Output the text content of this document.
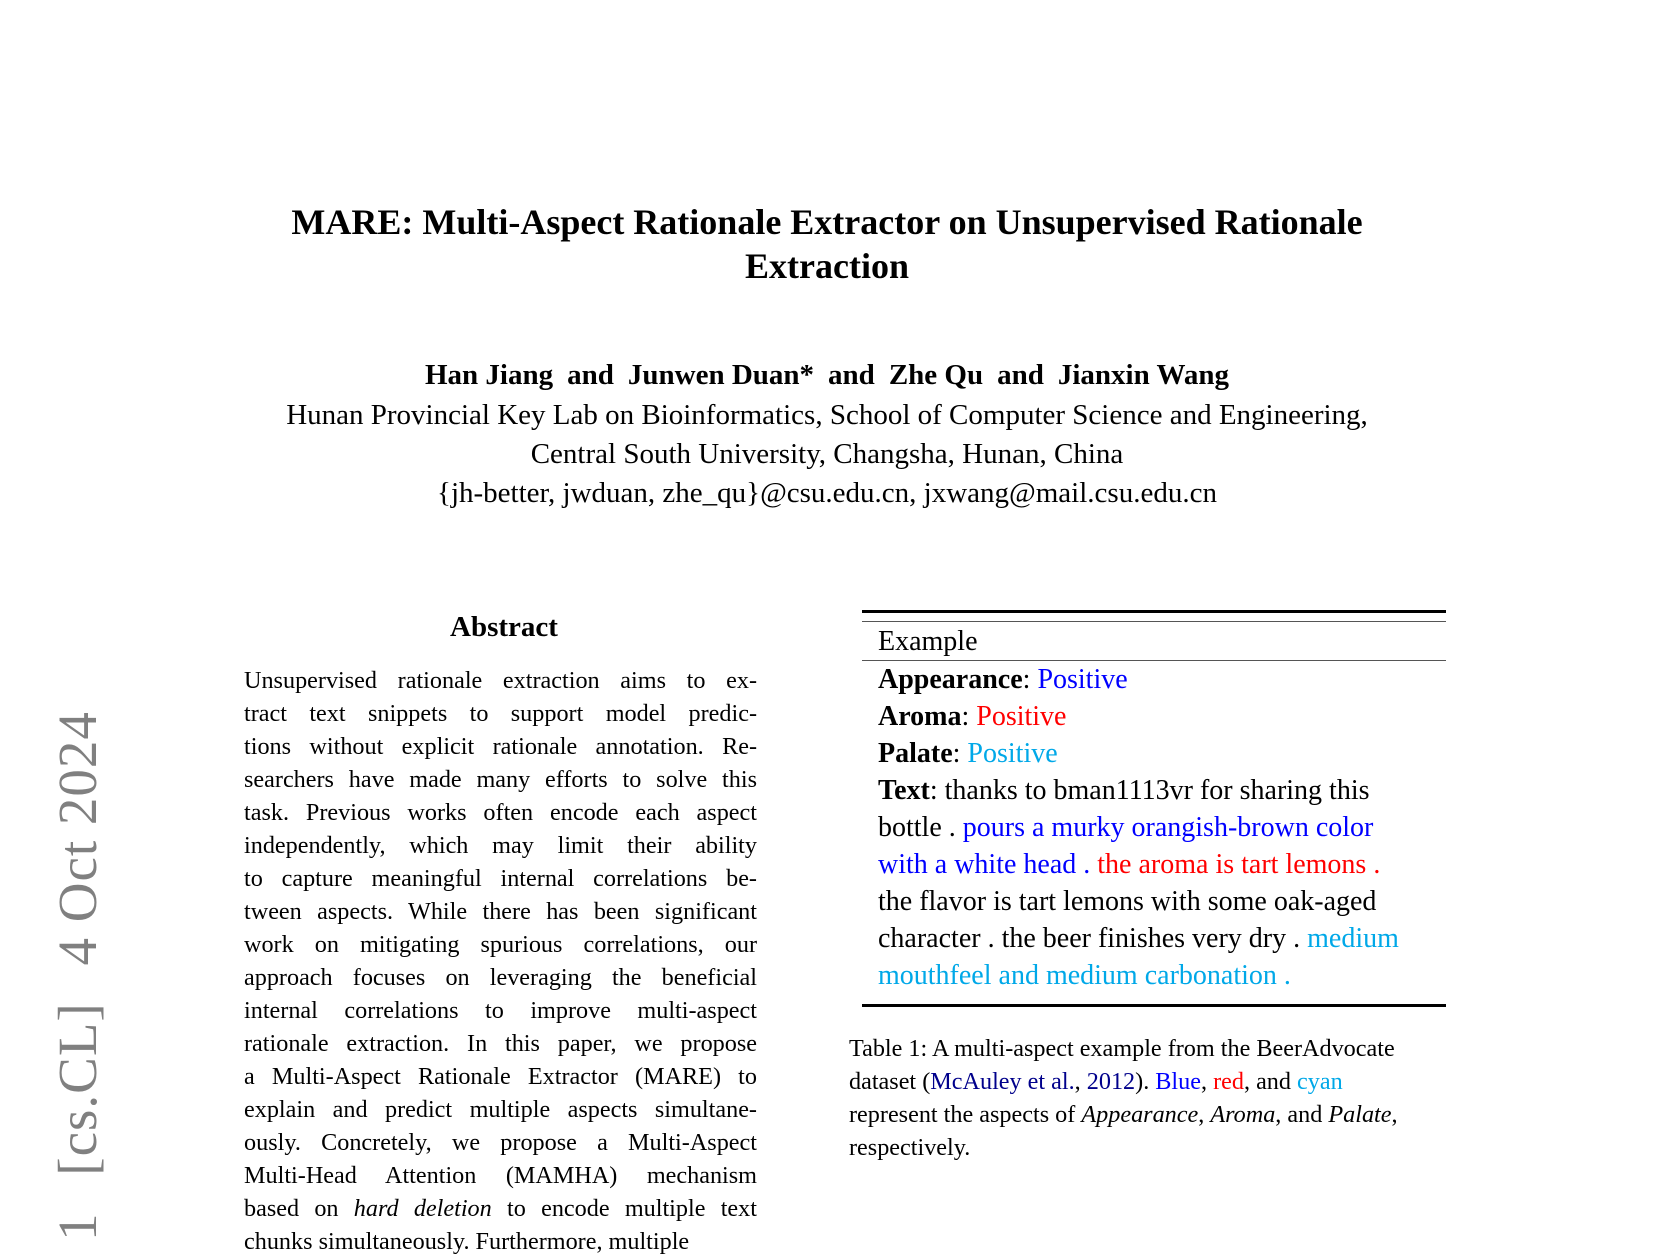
1 [cs.CL] 4 Oct 2024
MARE: Multi-Aspect Rationale Extractor on Unsupervised Rationale
Extraction
Han Jiang and Junwen Duan* and Zhe Qu and Jianxin Wang
Hunan Provincial Key Lab on Bioinformatics, School of Computer Science and Engineering,
Central South University, Changsha, Hunan, China
{jh-better, jwduan, zhe_qu}@csu.edu.cn, jxwang@mail.csu.edu.cn
Abstract
Unsupervised rationale extraction aims to ex-
tract text snippets to support model predic-
tions without explicit rationale annotation. Re-
searchers have made many efforts to solve this
task. Previous works often encode each aspect
independently, which may limit their ability
to capture meaningful internal correlations be-
tween aspects. While there has been significant
work on mitigating spurious correlations, our
approach focuses on leveraging the beneficial
internal correlations to improve multi-aspect
rationale extraction. In this paper, we propose
a Multi-Aspect Rationale Extractor (MARE) to
explain and predict multiple aspects simultane-
ously. Concretely, we propose a Multi-Aspect
Multi-Head Attention (MAMHA) mechanism
based on hard deletion to encode multiple text
chunks simultaneously. Furthermore, multiple
Example
Appearance: Positive
Aroma: Positive
Palate: Positive
Text: thanks to bman1113vr for sharing this
bottle . pours a murky orangish-brown color
with a white head . the aroma is tart lemons .
the flavor is tart lemons with some oak-aged
character . the beer finishes very dry . medium
mouthfeel and medium carbonation .
Table 1: A multi-aspect example from the BeerAdvocate
dataset (McAuley et al., 2012). Blue, red, and cyan
represent the aspects of Appearance, Aroma, and Palate,
respectively.
